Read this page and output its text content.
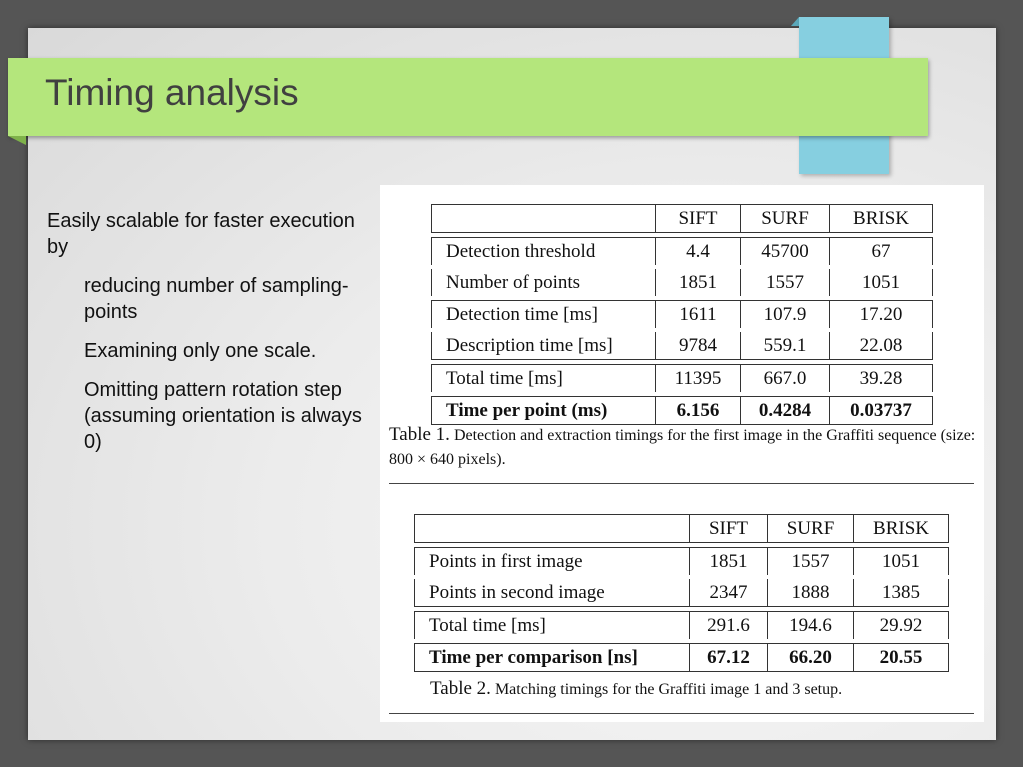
Timing analysis
Easily scalable for faster execution by
reducing number of sampling-points
Examining only one scale.
Omitting pattern rotation step (assuming orientation is always 0)
	SIFT	SURF	BRISK
Detection threshold	4.4	45700	67
Number of points	1851	1557	1051
Detection time [ms]	1611	107.9	17.20
Description time [ms]	9784	559.1	22.08
Total time [ms]	11395	667.0	39.28
Time per point (ms)	6.156	0.4284	0.03737
Table 1. Detection and extraction timings for the first image in the Graffiti sequence (size: 800 × 640 pixels).
	SIFT	SURF	BRISK
Points in first image	1851	1557	1051
Points in second image	2347	1888	1385
Total time [ms]	291.6	194.6	29.92
Time per comparison [ns]	67.12	66.20	20.55
Table 2. Matching timings for the Graffiti image 1 and 3 setup.
